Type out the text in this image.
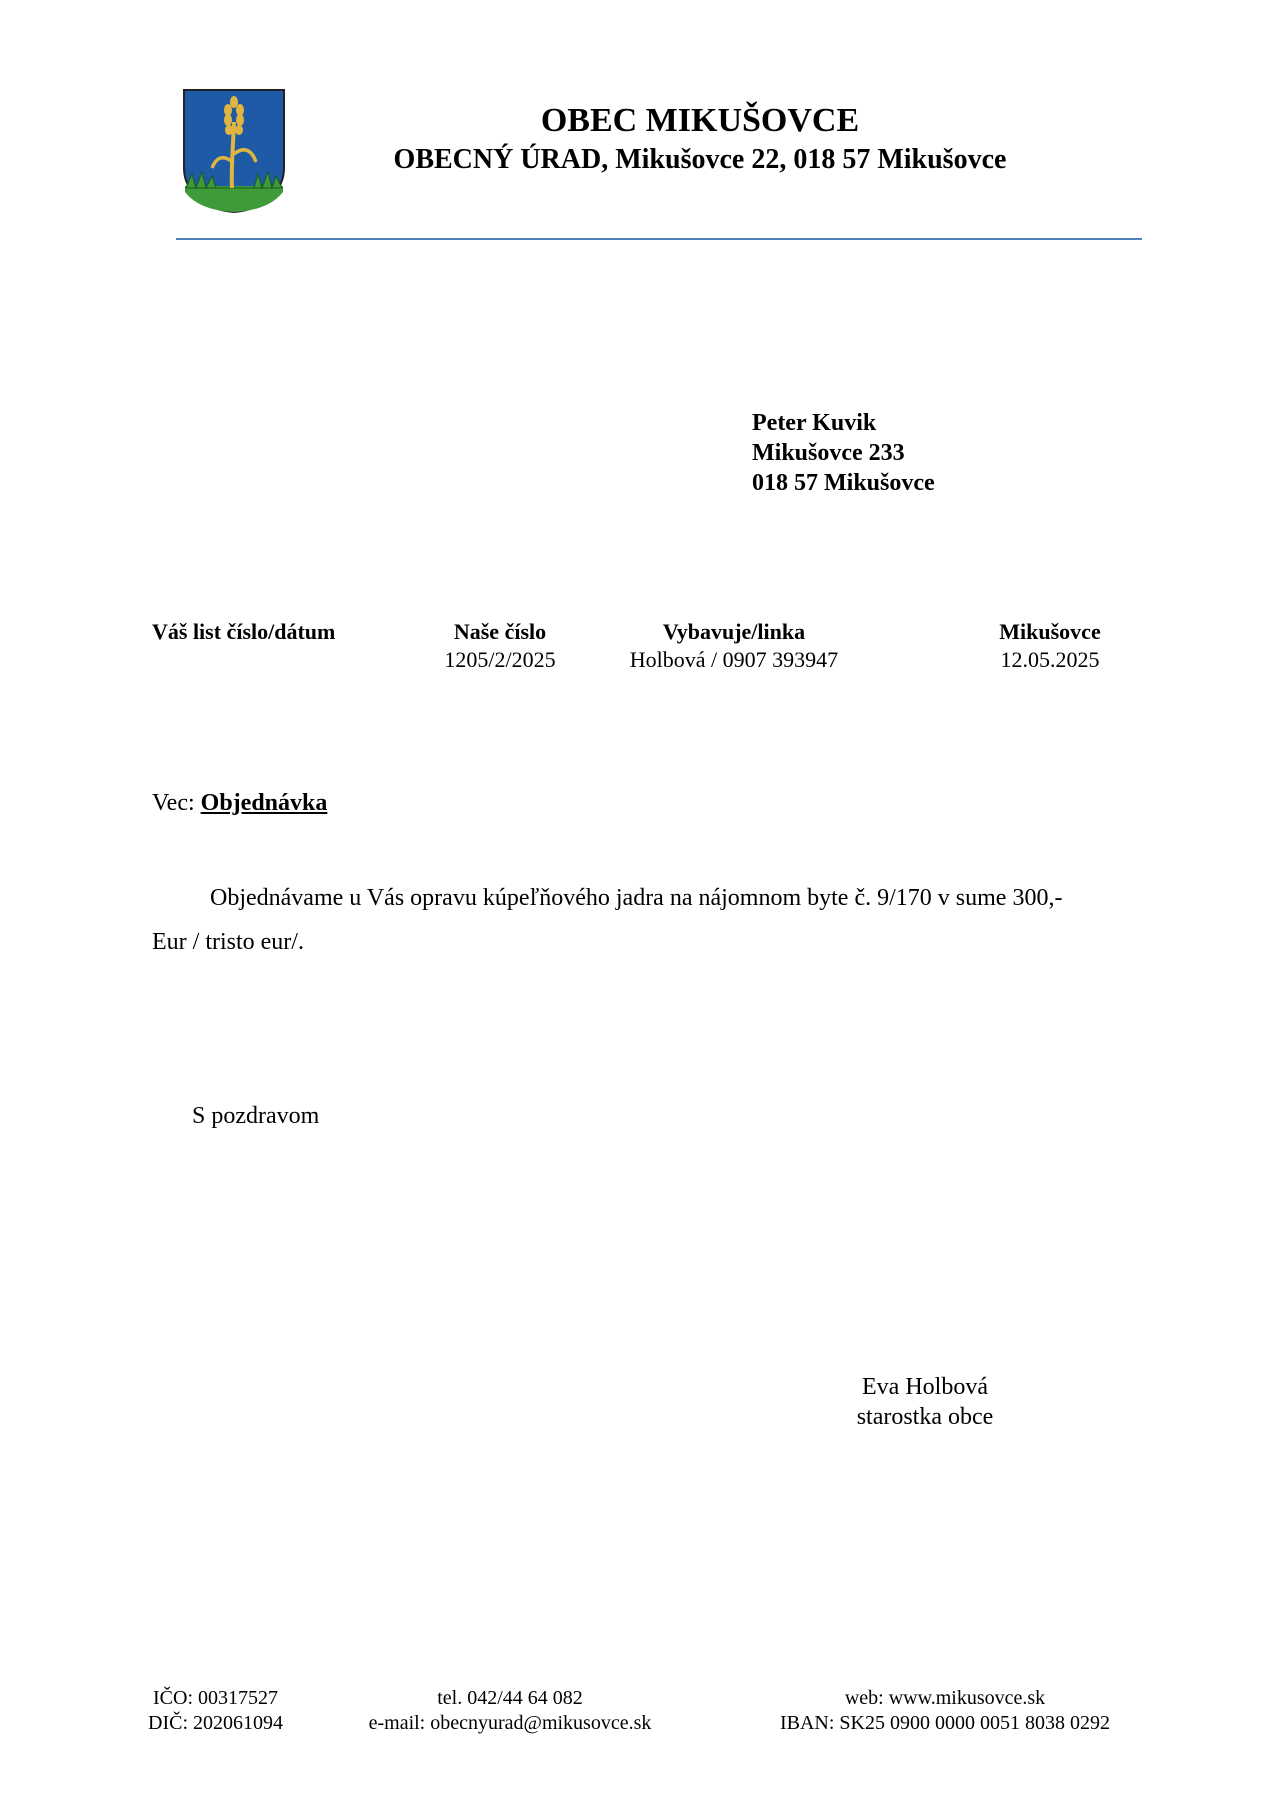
OBEC MIKUŠOVCE
OBECNÝ ÚRAD, Mikušovce 22, 018 57 Mikušovce
Peter Kuvik
Mikušovce 233
018 57 Mikušovce
Váš list číslo/dátum	Naše číslo
1205/2/2025
Vybavuje/linka
Holbová / 0907 393947
Mikušovce
12.05.2025
Vec: Objednávka
Objednávame u Vás opravu kúpeľňového jadra na nájomnom byte č. 9/170 v sume 300,-
Eur / tristo eur/.
S pozdravom
Eva Holbová
starostka obce
IČO: 00317527
DIČ: 202061094
tel. 042/44 64 082
e-mail: obecnyurad@mikusovce.sk
web: www.mikusovce.sk
IBAN: SK25 0900 0000 0051 8038 0292
